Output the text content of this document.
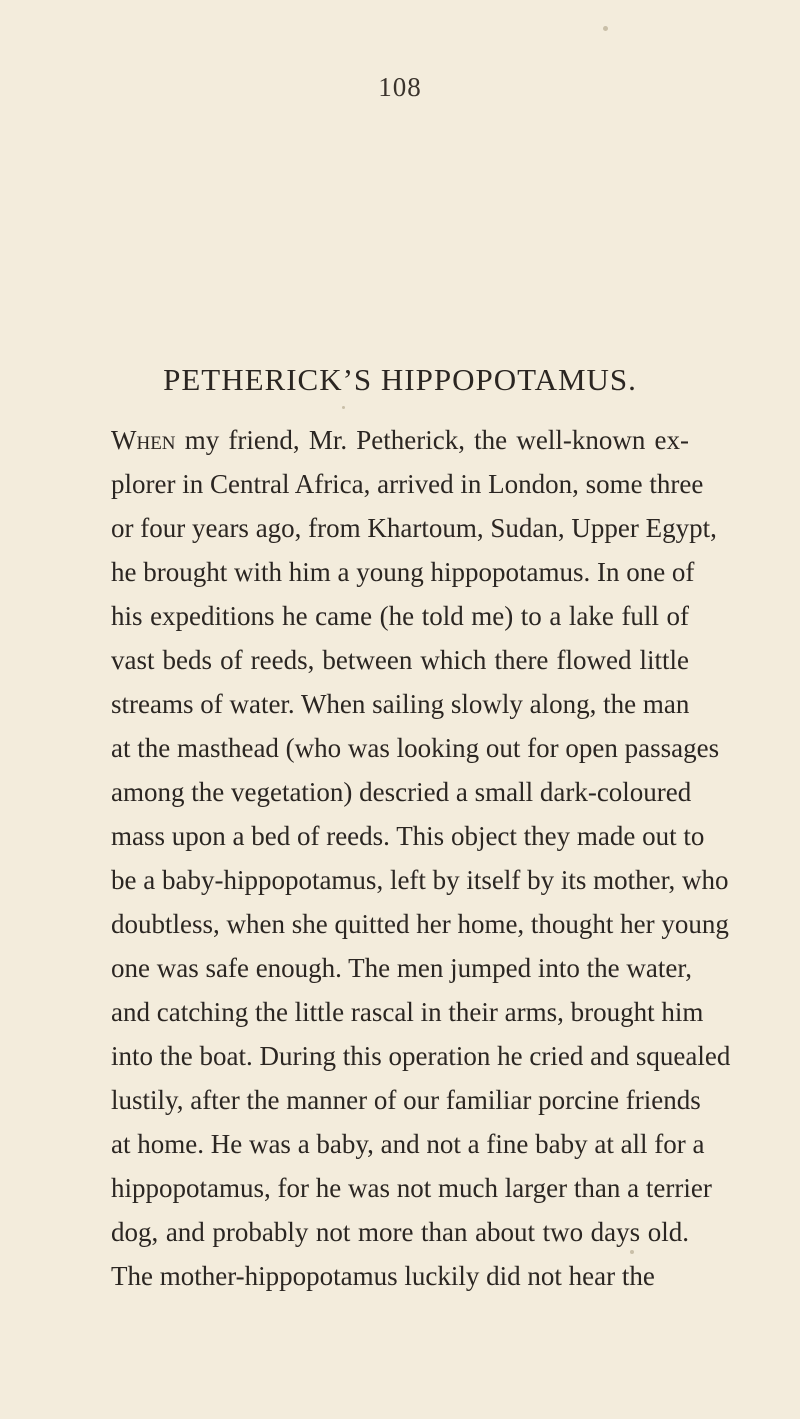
108
PETHERICK’S HIPPOPOTAMUS.
When my friend, Mr. Petherick, the well-known ex-
plorer in Central Africa, arrived in London, some three
or four years ago, from Khartoum, Sudan, Upper Egypt,
he brought with him a young hippopotamus. In one of
his expeditions he came (he told me) to a lake full of
vast beds of reeds, between which there flowed little
streams of water. When sailing slowly along, the man
at the masthead (who was looking out for open passages
among the vegetation) descried a small dark-coloured
mass upon a bed of reeds. This object they made out to
be a baby-hippopotamus, left by itself by its mother, who
doubtless, when she quitted her home, thought her young
one was safe enough. The men jumped into the water,
and catching the little rascal in their arms, brought him
into the boat. During this operation he cried and squealed
lustily, after the manner of our familiar porcine friends
at home. He was a baby, and not a fine baby at all for a
hippopotamus, for he was not much larger than a terrier
dog, and probably not more than about two days old.
The mother-hippopotamus luckily did not hear the
